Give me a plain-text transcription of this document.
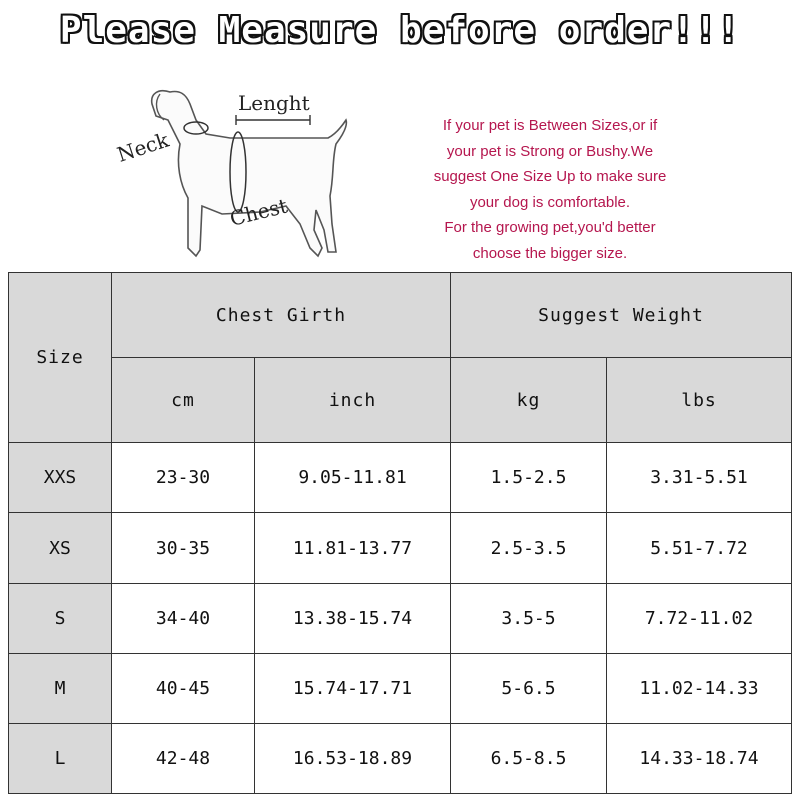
Please Measure before order!!!
Lenght
Neck
Chest
If your pet is Between Sizes,or if
your pet is Strong or Bushy.We
suggest One Size Up to make sure
your dog is comfortable.
For the growing pet,you'd better
choose the bigger size.
Size	Chest Girth		Suggest Weight	
	cm	inch	kg	lbs
XXS	23-30	9.05-11.81	1.5-2.5	3.31-5.51
XS	30-35	11.81-13.77	2.5-3.5	5.51-7.72
S	34-40	13.38-15.74	3.5-5	7.72-11.02
M	40-45	15.74-17.71	5-6.5	11.02-14.33
L	42-48	16.53-18.89	6.5-8.5	14.33-18.74
